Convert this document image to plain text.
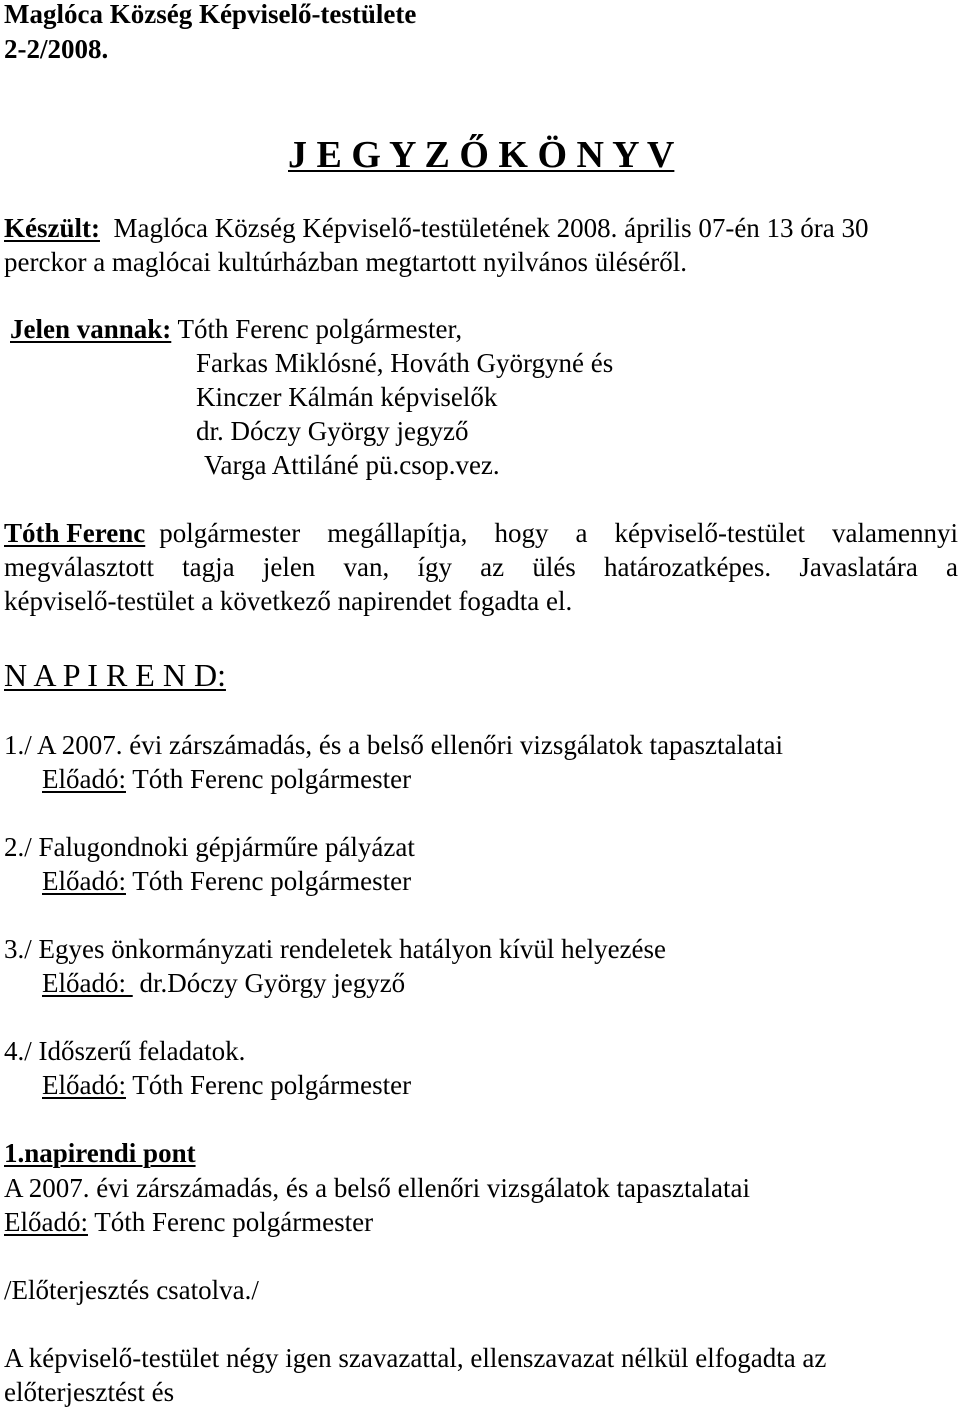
Maglóca Község Képviselő-testülete
2-2/2008.
J E G Y Z Ő K Ö N Y V
Készült: Maglóca Község Képviselő-testületének 2008. április 07-én 13 óra 30
perckor a maglócai kultúrházban megtartott nyilvános üléséről.
Jelen vannak: Tóth Ferenc polgármester,
Farkas Miklósné, Hováth Györgyné és
Kinczer Kálmán képviselők
dr. Dóczy György jegyző
Varga Attiláné pü.csop.vez.
Tóth Ferenc polgármester megállapítja, hogy a képviselő-testület valamennyi
megválasztott tagja jelen van, így az ülés határozatképes. Javaslatára a
képviselő-testület a következő napirendet fogadta el.
N A P I R E N D:
1./ A 2007. évi zárszámadás, és a belső ellenőri vizsgálatok tapasztalatai
Előadó: Tóth Ferenc polgármester
2./ Falugondnoki gépjárműre pályázat
Előadó: Tóth Ferenc polgármester
3./ Egyes önkormányzati rendeletek hatályon kívül helyezése
Előadó:  dr.Dóczy György jegyző
4./ Időszerű feladatok.
Előadó: Tóth Ferenc polgármester
1.napirendi pont
A 2007. évi zárszámadás, és a belső ellenőri vizsgálatok tapasztalatai
Előadó: Tóth Ferenc polgármester
/Előterjesztés csatolva./
A képviselő-testület négy igen szavazattal, ellenszavazat nélkül elfogadta az
előterjesztést és
